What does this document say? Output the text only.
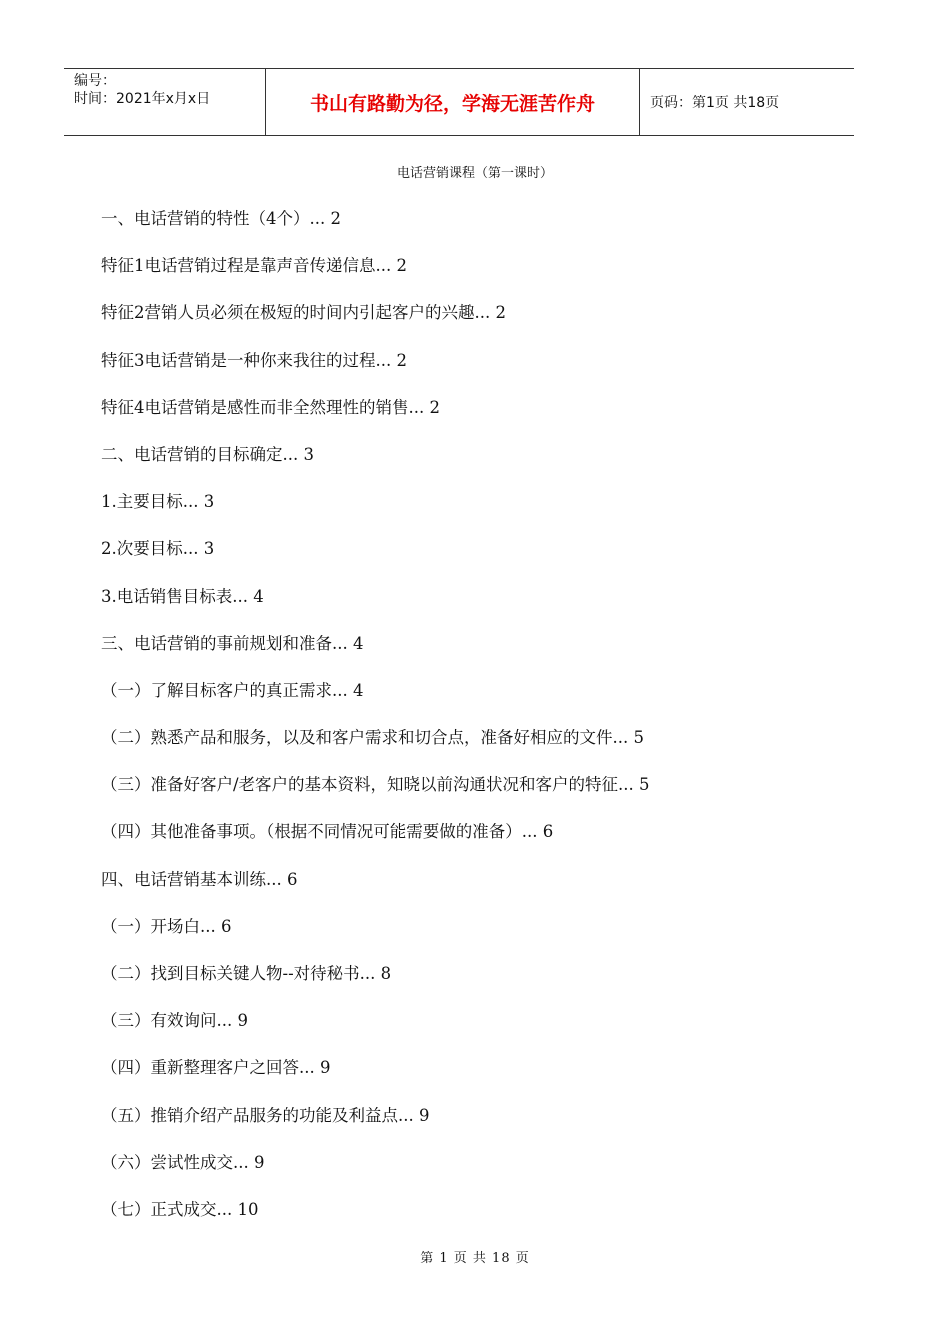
编号：
时间：2021年x月x日	书山有路勤为径，学海无涯苦作舟	页码：第1页 共18页
电话营销课程（第一课时）
一、电话营销的特性（4个）... 2
特征1电话营销过程是靠声音传递信息... 2
特征2营销人员必须在极短的时间内引起客户的兴趣... 2
特征3电话营销是一种你来我往的过程... 2
特征4电话营销是感性而非全然理性的销售... 2
二、电话营销的目标确定... 3
1.主要目标... 3
2.次要目标... 3
3.电话销售目标表... 4
三、电话营销的事前规划和准备... 4
（一）了解目标客户的真正需求... 4
（二）熟悉产品和服务，以及和客户需求和切合点，准备好相应的文件... 5
（三）准备好客户/老客户的基本资料，知晓以前沟通状况和客户的特征... 5
（四）其他准备事项。（根据不同情况可能需要做的准备）... 6
四、电话营销基本训练... 6
（一）开场白... 6
（二）找到目标关键人物--对待秘书... 8
（三）有效询问... 9
（四）重新整理客户之回答... 9
（五）推销介绍产品服务的功能及利益点... 9
（六）尝试性成交... 9
（七）正式成交... 10
第 1 页 共 18 页
